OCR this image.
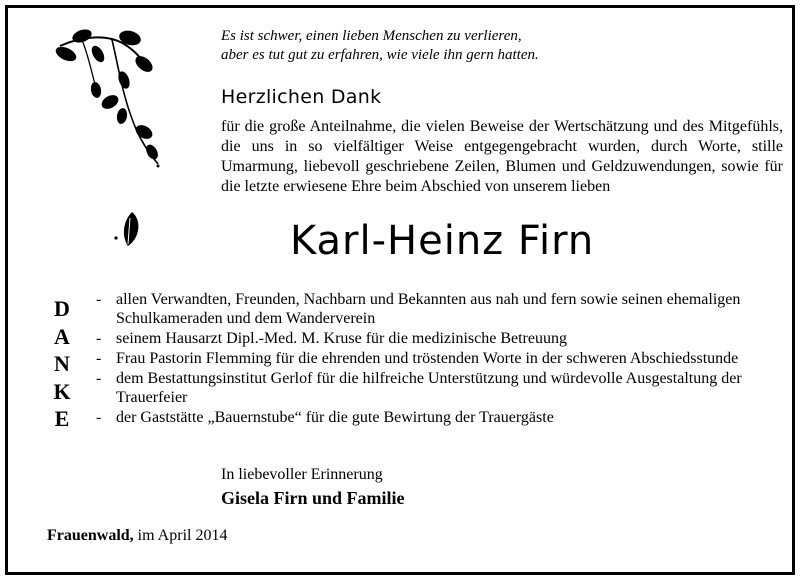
Es ist schwer, einen lieben Menschen zu verlieren,
aber es tut gut zu erfahren, wie viele ihn gern hatten.
Herzlichen Dank
für die große Anteilnahme, die vielen Beweise der Wertschätzung und des Mitgefühls, die uns in so vielfältiger Weise entgegengebracht wurden, durch Worte, stille Umarmung, liebevoll geschriebene Zeilen, Blumen und Geldzuwendungen, sowie für die letzte erwiesene Ehre beim Abschied von unserem lieben
Karl-Heinz Firn
D
A
N
K
E
- allen Verwandten, Freunden, Nachbarn und Bekannten aus nah und fern sowie seinen ehemaligen Schulkameraden und dem Wanderverein
- seinem Hausarzt Dipl.-Med. M. Kruse für die medizinische Betreuung
- Frau Pastorin Flemming für die ehrenden und tröstenden Worte in der schweren Abschiedsstunde
- dem Bestattungsinstitut Gerlof für die hilfreiche Unterstützung und würdevolle Ausgestaltung der Trauerfeier
- der Gaststätte „Bauernstube“ für die gute Bewirtung der Trauergäste
In liebevoller Erinnerung
Gisela Firn und Familie
Frauenwald, im April 2014
